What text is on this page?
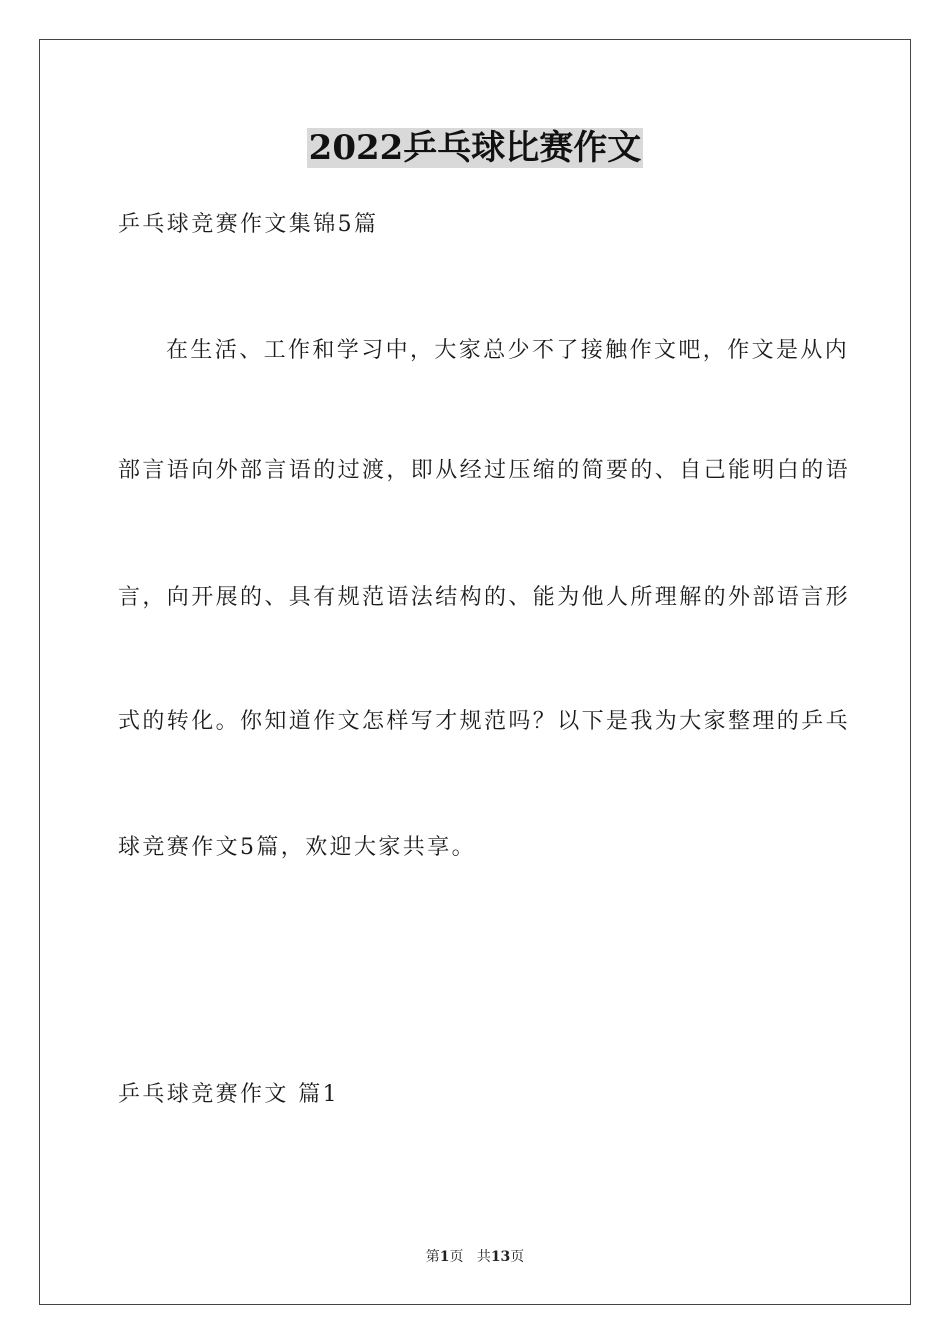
2022乒乓球比赛作文
乒乓球竞赛作文集锦5篇
在生活、工作和学习中，大家总少不了接触作文吧，作文是从内
部言语向外部言语的过渡，即从经过压缩的简要的、自己能明白的语
言，向开展的、具有规范语法结构的、能为他人所理解的外部语言形
式的转化。你知道作文怎样写才规范吗？以下是我为大家整理的乒乓
球竞赛作文5篇，欢迎大家共享。
乒乓球竞赛作文 篇1
第1页 共13页
